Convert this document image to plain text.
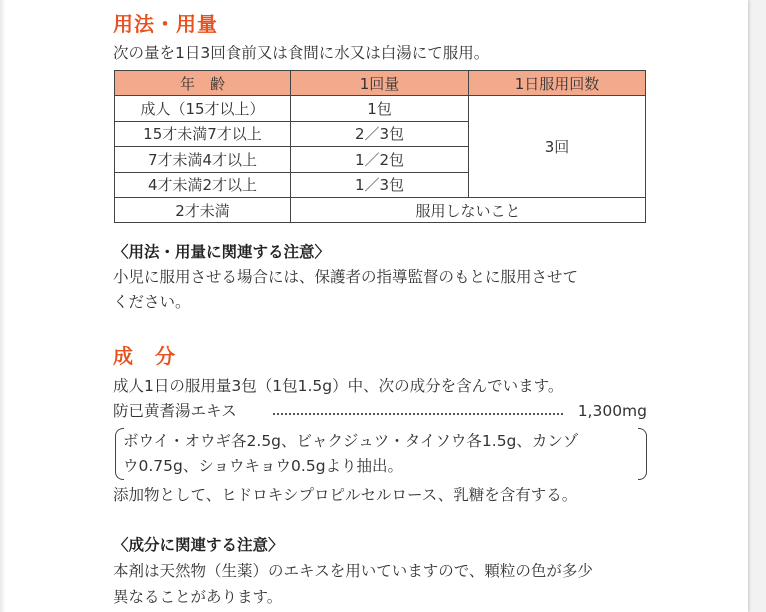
用法・用量

次の量を1日3回食前又は食間に水又は白湯にて服用。

年　齢	1回量	1日服用回数
成人（15才以上）	1包	3回
15才未満7才以上	2／3包	
7才未満4才以上	1／2包	
4才未満2才以上	1／3包	
2才未満	服用しないこと	

〈用法・用量に関連する注意〉

小児に服用させる場合には、保護者の指導監督のもとに服用させて

ください。

成　分

成人1日の服用量3包（1包1.5g）中、次の成分を含んでいます。

防已黄耆湯エキス	1,300mg
ボウイ・オウギ各2.5g、ビャクジュツ・タイソウ各1.5g、カンゾ
ウ0.75g、ショウキョウ0.5gより抽出。

添加物として、ヒドロキシプロピルセルロース、乳糖を含有する。

〈成分に関連する注意〉

本剤は天然物（生薬）のエキスを用いていますので、顆粒の色が多少

異なることがあります。
